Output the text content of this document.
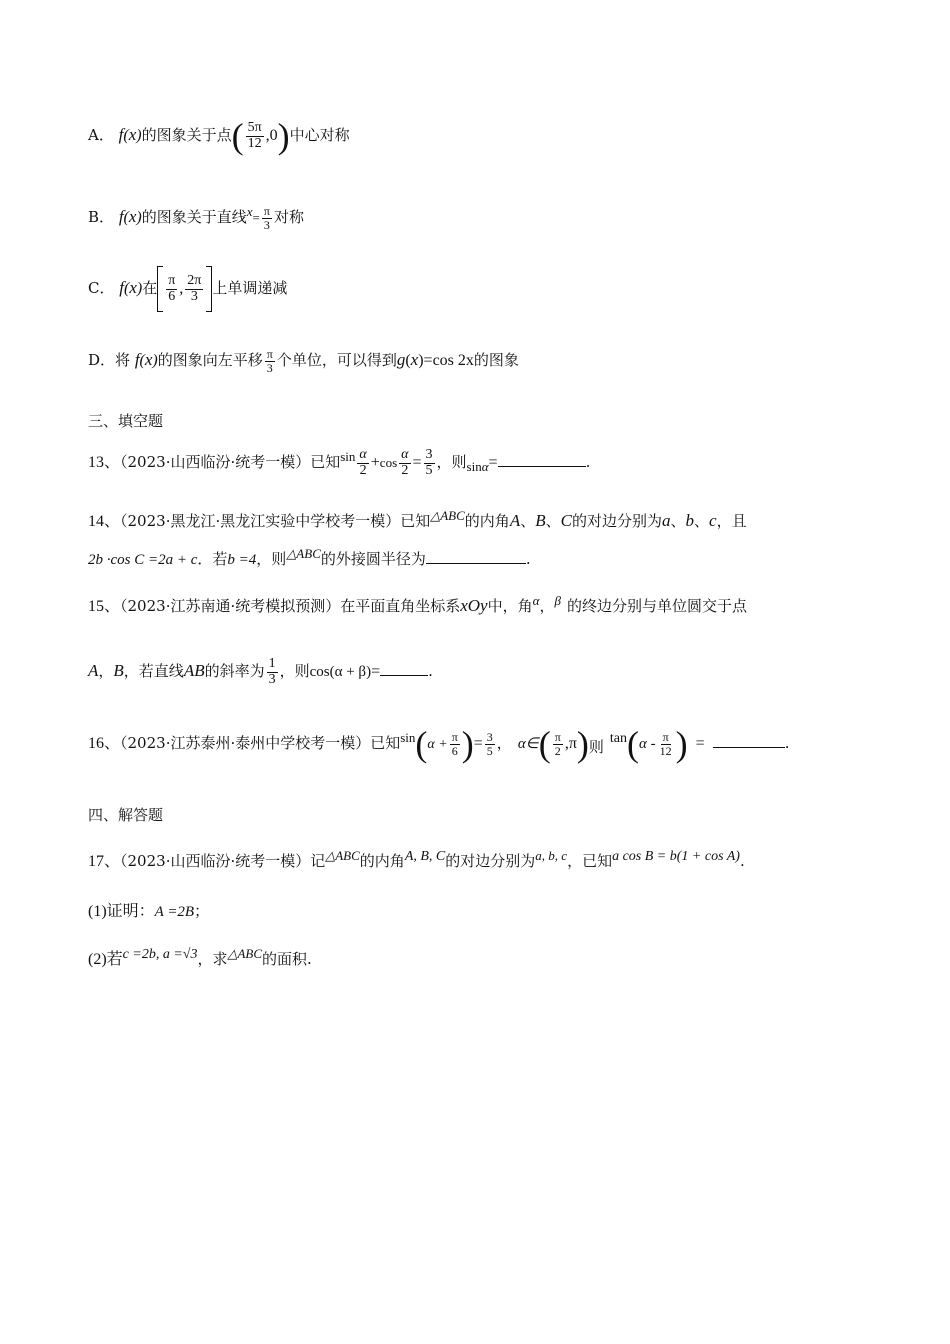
A． f(x)的图象关于点( $\frac{5\pi}{12} ,0$)中心对称
B． f(x)的图象关于直线$x= \frac{\pi}{3}$ 对称
C． f(x)在 $\frac{\pi}{6}$ , $\frac{2\pi}{3}$ 上单调递减
D．将 f(x)的图象向左平移 $\frac{\pi}{3}$ 个单位，可以得到g(x)=cos 2x的图象
三、填空题
13、（2023·山西临汾·统考一模）已知$\sin \frac{\alpha}{2} +\cos \frac{\alpha}{2} = \frac{3}{5}$ ，则sinα=	.
14、（2023·黑龙江·黑龙江实验中学校考一模）已知△ABC的内角A、B、C的对边分别为a、b、c，且
2b ·cos C =2a + c．若b =4，则△ABC的外接圆半径为	.
15、（2023·江苏南通·统考模拟预测）在平面直角坐标系xOy中，角α，β 的终边分别与单位圆交于点
A，B，若直线AB的斜率为 $\frac{1}{3}$ ，则cos(α + β)=	.
16、（2023·江苏泰州·泰州中学校考一模）已知$\sin(\alpha + \frac{\pi}{6}$ )= $\frac{3}{5}$ ， α∈( $\frac{\pi}{2} ,\pi$)则 $\tan(\alpha - \frac{\pi}{12}$ ) =	.
四、解答题
17、（2023·山西临汾·统考一模）记△ABC的内角A, B, C的对边分别为a, b, c，已知a cos B = b(1 + cos A).
(1)证明：A =2B；
(2)若c =2b, a =√3，求△ABC的面积.
